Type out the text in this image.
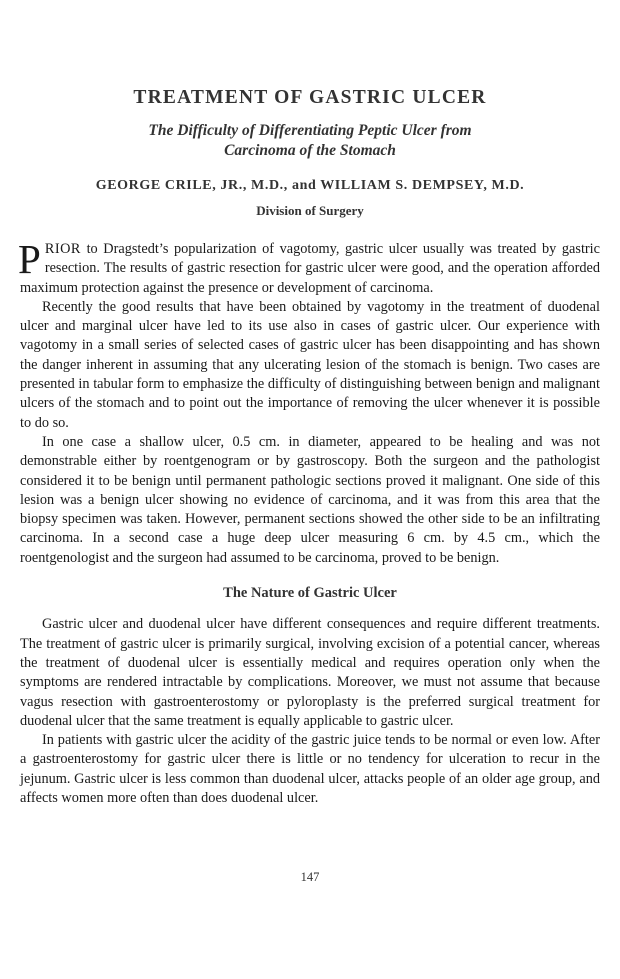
TREATMENT OF GASTRIC ULCER
The Difficulty of Differentiating Peptic Ulcer from
Carcinoma of the Stomach
GEORGE CRILE, JR., M.D., and WILLIAM S. DEMPSEY, M.D.
Division of Surgery

PRIOR to Dragstedt’s popularization of vagotomy, gastric ulcer usually was treated by gastric resection. The results of gastric resection for gastric ulcer were good, and the operation afforded maximum protection against the presence or development of carcinoma.

Recently the good results that have been obtained by vagotomy in the treatment of duodenal ulcer and marginal ulcer have led to its use also in cases of gastric ulcer. Our experience with vagotomy in a small series of selected cases of gastric ulcer has been disappointing and has shown the danger inherent in assuming that any ulcerating lesion of the stomach is benign. Two cases are presented in tabular form to emphasize the difficulty of distinguishing between benign and malignant ulcers of the stomach and to point out the importance of removing the ulcer whenever it is possible to do so.

In one case a shallow ulcer, 0.5 cm. in diameter, appeared to be healing and was not demonstrable either by roentgenogram or by gastroscopy. Both the surgeon and the pathologist considered it to be benign until permanent pathologic sections proved it malignant. One side of this lesion was a benign ulcer showing no evidence of carcinoma, and it was from this area that the biopsy specimen was taken. However, permanent sections showed the other side to be an infiltrating carcinoma. In a second case a huge deep ulcer measuring 6 cm. by 4.5 cm., which the roentgenologist and the surgeon had assumed to be carcinoma, proved to be benign.

The Nature of Gastric Ulcer

Gastric ulcer and duodenal ulcer have different consequences and require different treatments. The treatment of gastric ulcer is primarily surgical, involving excision of a potential cancer, whereas the treatment of duodenal ulcer is essentially medical and requires operation only when the symptoms are rendered intractable by complications. Moreover, we must not assume that because vagus resection with gastroenterostomy or pyloroplasty is the preferred surgical treatment for duodenal ulcer that the same treatment is equally applicable to gastric ulcer.

In patients with gastric ulcer the acidity of the gastric juice tends to be normal or even low. After a gastroenterostomy for gastric ulcer there is little or no tendency for ulceration to recur in the jejunum. Gastric ulcer is less common than duodenal ulcer, attacks people of an older age group, and affects women more often than does duodenal ulcer.

147
